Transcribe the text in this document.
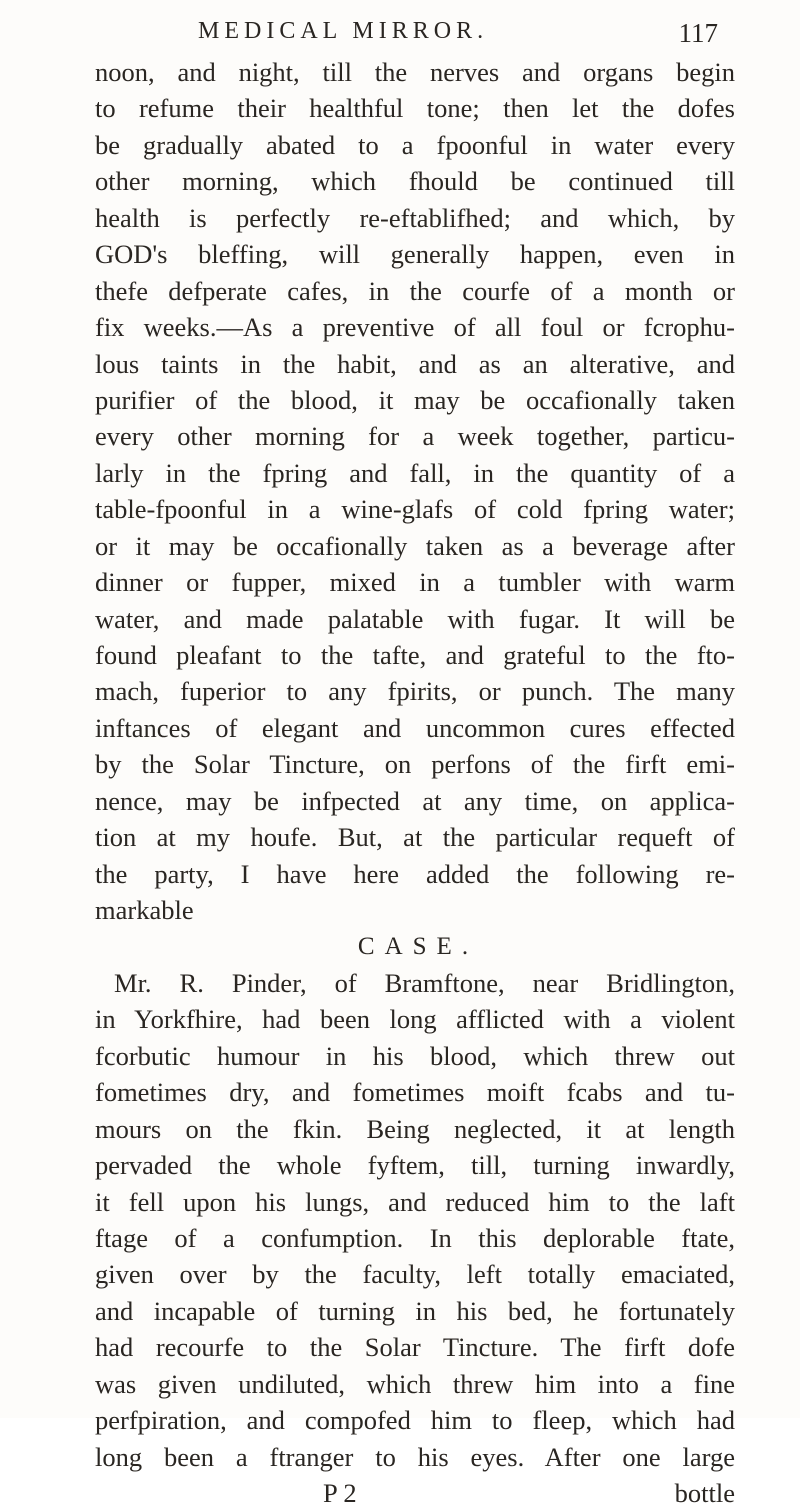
MEDICAL MIRROR.	117
noon, and night, till the nerves and organs begin
to refume their healthful tone; then let the dofes
be gradually abated to a fpoonful in water every
other morning, which fhould be continued till
health is perfectly re-eftablifhed; and which, by
GOD's bleffing, will generally happen, even in
thefe defperate cafes, in the courfe of a month or
fix weeks.—As a preventive of all foul or fcrophu-
lous taints in the habit, and as an alterative, and
purifier of the blood, it may be occafionally taken
every other morning for a week together, particu-
larly in the fpring and fall, in the quantity of a
table-fpoonful in a wine-glafs of cold fpring water;
or it may be occafionally taken as a beverage after
dinner or fupper, mixed in a tumbler with warm
water, and made palatable with fugar. It will be
found pleafant to the tafte, and grateful to the fto-
mach, fuperior to any fpirits, or punch. The many
inftances of elegant and uncommon cures effected
by the Solar Tincture, on perfons of the firft emi-
nence, may be infpected at any time, on applica-
tion at my houfe. But, at the particular requeft of
the party, I have here added the following re-
markable
CASE.
Mr. R. Pinder, of Bramftone, near Bridlington,
in Yorkfhire, had been long afflicted with a violent
fcorbutic humour in his blood, which threw out
fometimes dry, and fometimes moift fcabs and tu-
mours on the fkin. Being neglected, it at length
pervaded the whole fyftem, till, turning inwardly,
it fell upon his lungs, and reduced him to the laft
ftage of a confumption. In this deplorable ftate,
given over by the faculty, left totally emaciated,
and incapable of turning in his bed, he fortunately
had recourfe to the Solar Tincture. The firft dofe
was given undiluted, which threw him into a fine
perfpiration, and compofed him to fleep, which had
long been a ftranger to his eyes. After one large
P 2	bottle
